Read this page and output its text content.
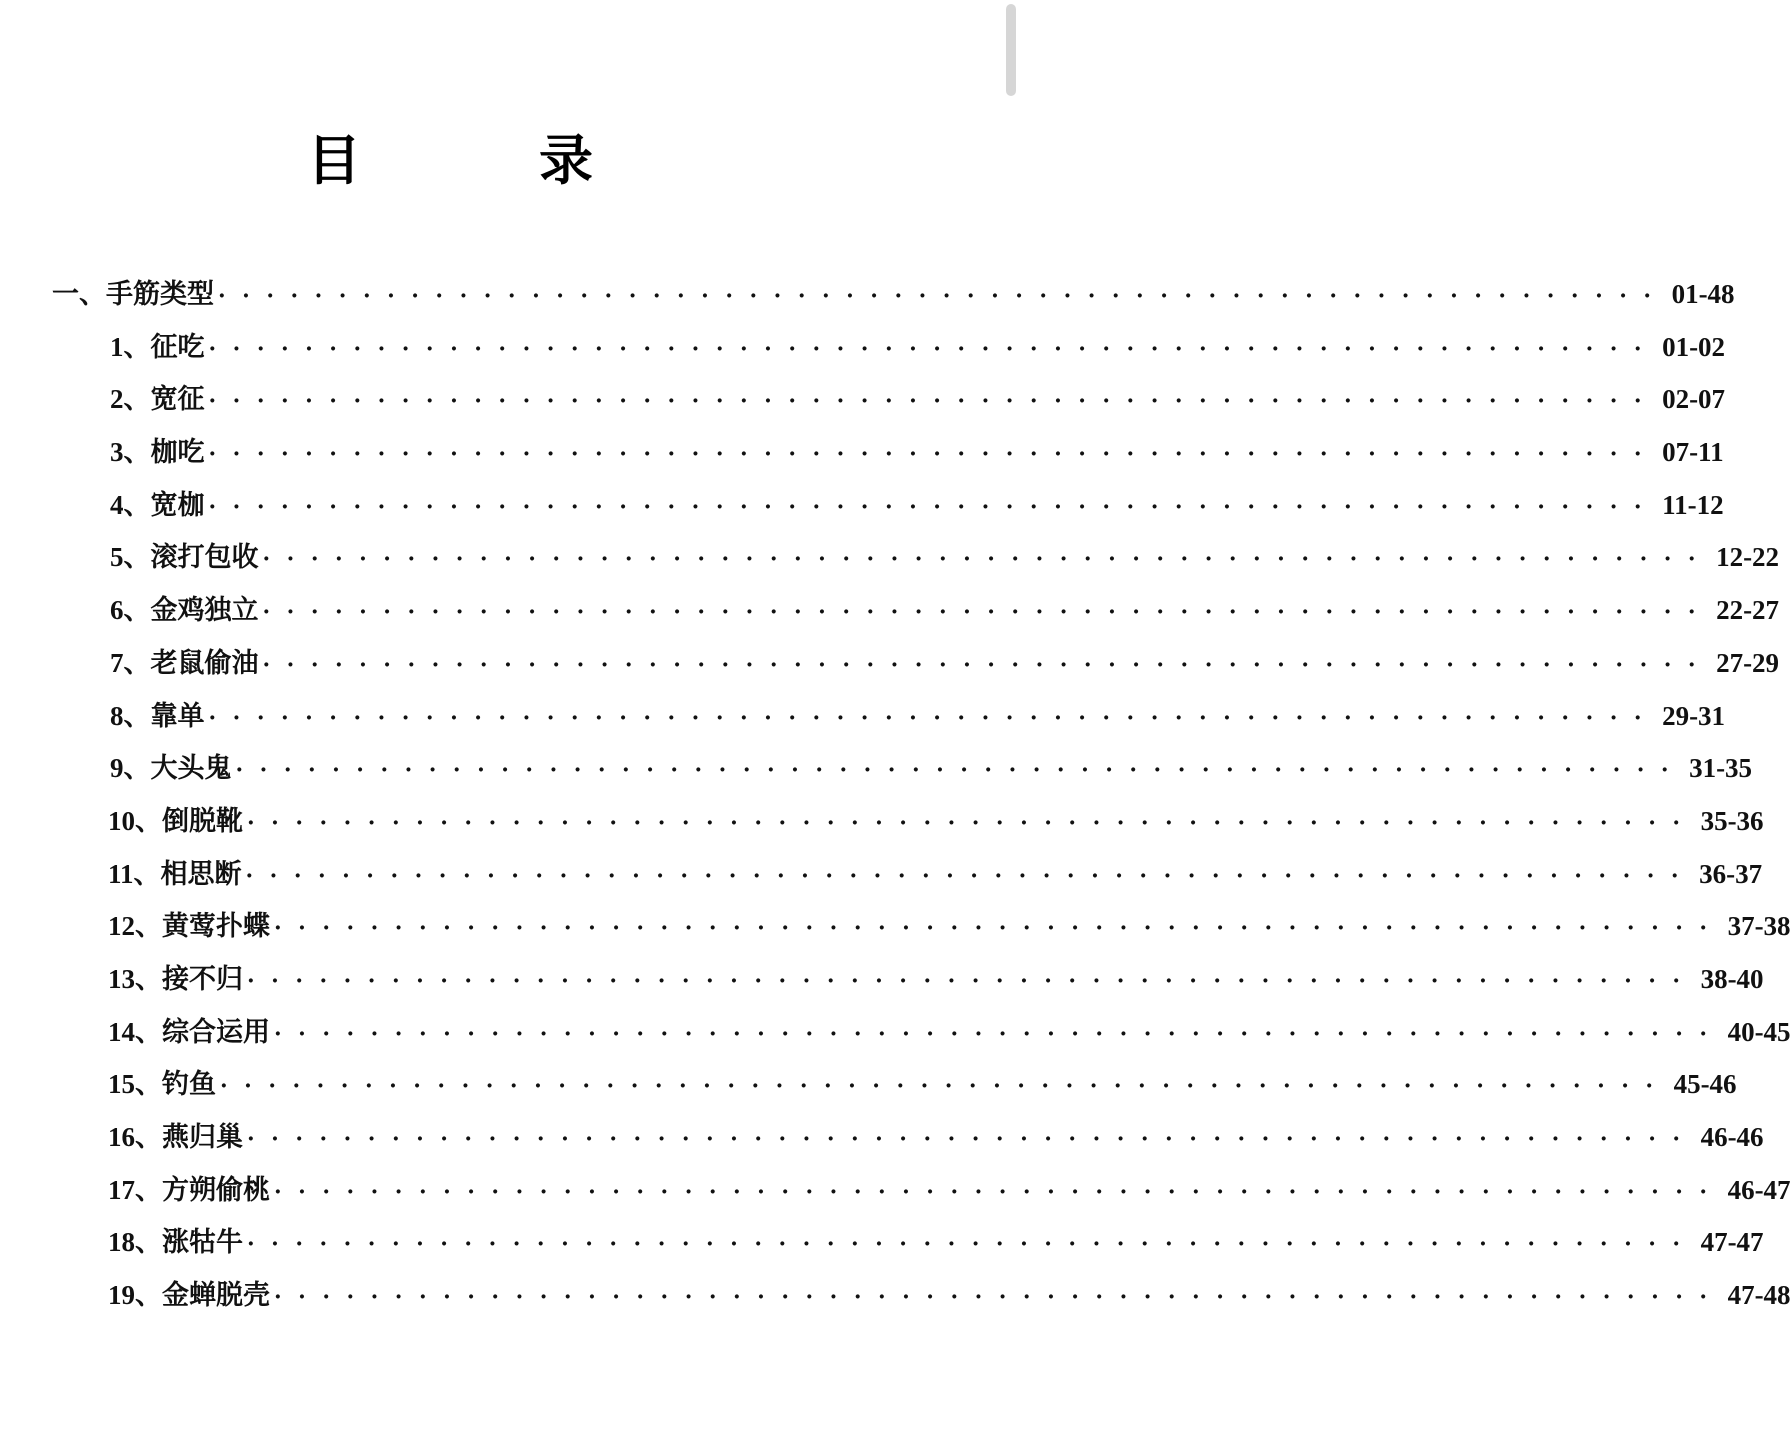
目　录
一、手筋类型 ···························································· 01-48
1、征吃 ···························································· 01-02
2、宽征 ···························································· 02-07
3、枷吃 ···························································· 07-11
4、宽枷 ···························································· 11-12
5、滚打包收 ···························································· 12-22
6、金鸡独立 ···························································· 22-27
7、老鼠偷油 ···························································· 27-29
8、靠单 ···························································· 29-31
9、大头鬼 ···························································· 31-35
10、倒脱靴 ···························································· 35-36
11、相思断 ···························································· 36-37
12、黄莺扑蝶 ···························································· 37-38
13、接不归 ···························································· 38-40
14、综合运用 ···························································· 40-45
15、钓鱼 ···························································· 45-46
16、燕归巢 ···························································· 46-46
17、方朔偷桃 ···························································· 46-47
18、涨牯牛 ···························································· 47-47
19、金蝉脱壳 ···························································· 47-48
